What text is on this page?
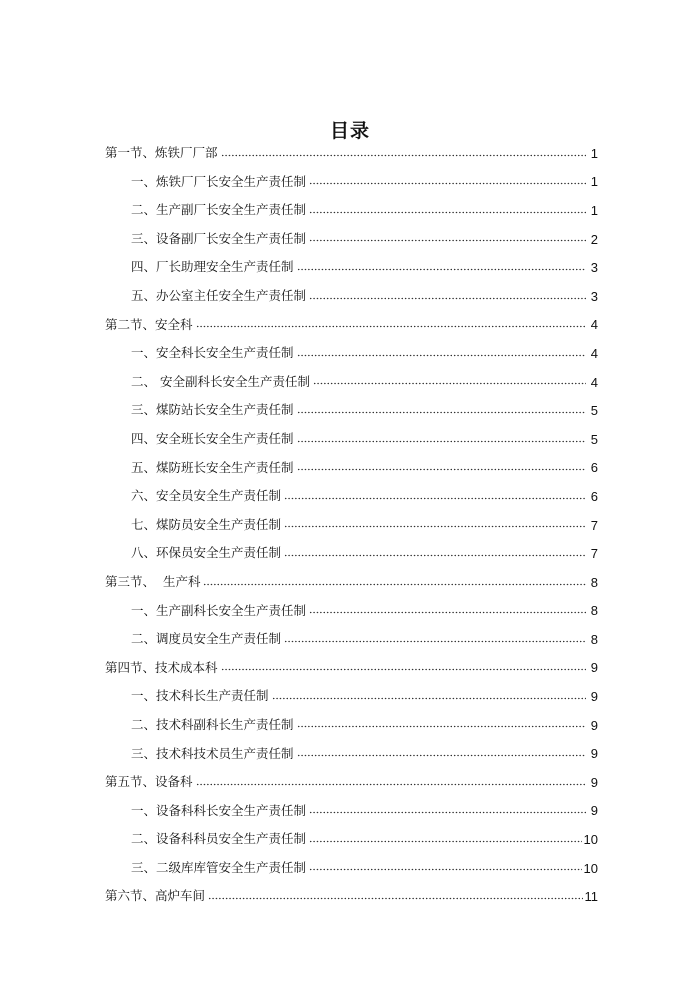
目录
第一节、炼铁厂厂部	1
一、炼铁厂厂长安全生产责任制	1
二、生产副厂长安全生产责任制	1
三、设备副厂长安全生产责任制	2
四、厂长助理安全生产责任制	3
五、办公室主任安全生产责任制	3
第二节、安全科	4
一、安全科长安全生产责任制	4
二、 安全副科长安全生产责任制	4
三、煤防站长安全生产责任制	5
四、安全班长安全生产责任制	5
五、煤防班长安全生产责任制	6
六、安全员安全生产责任制	6
七、煤防员安全生产责任制	7
八、环保员安全生产责任制	7
第三节、  生产科	8
一、生产副科长安全生产责任制	8
二、调度员安全生产责任制	8
第四节、技术成本科	9
一、技术科长生产责任制	9
二、技术科副科长生产责任制	9
三、技术科技术员生产责任制	9
第五节、设备科	9
一、设备科科长安全生产责任制	9
二、设备科科员安全生产责任制	10
三、二级库库管安全生产责任制	10
第六节、高炉车间	11
